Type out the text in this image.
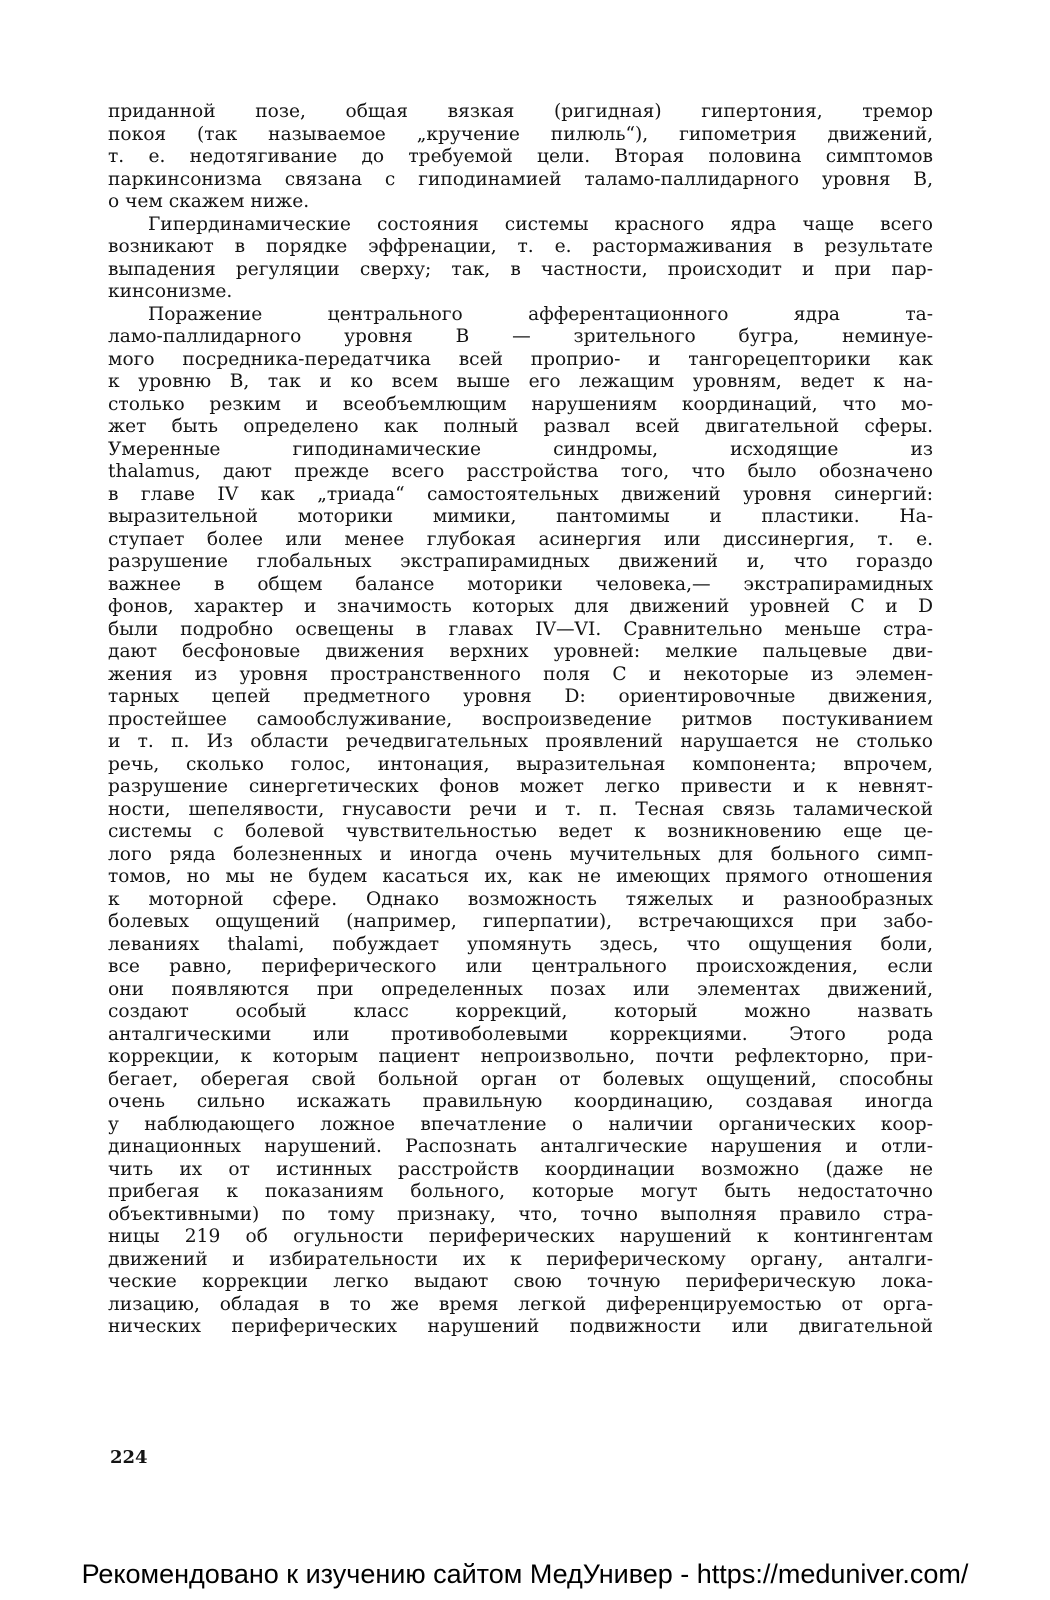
приданной позе, общая вязкая (ригидная) гипертония, тремор
покоя (так называемое „кручение пилюль“), гипометрия движений,
т. е. недотягивание до требуемой цели. Вторая половина симптомов
паркинсонизма связана с гиподинамией таламо-паллидарного уровня B,
о чем скажем ниже.
Гипердинамические состояния системы красного ядра чаще всего
возникают в порядке эффренации, т. е. растормаживания в результате
выпадения регуляции сверху; так, в частности, происходит и при пар-
кинсонизме.
Поражение центрального афферентационного ядра та-
ламо-паллидарного уровня B — зрительного бугра, неминуе-
мого посредника-передатчика всей проприо- и тангорецепторики как
к уровню B, так и ко всем выше его лежащим уровням, ведет к на-
столько резким и всеобъемлющим нарушениям координаций, что мо-
жет быть определено как полный развал всей двигательной сферы.
Умеренные гиподинамические синдромы, исходящие из
thalamus, дают прежде всего расстройства того, что было обозначено
в главе IV как „триада“ самостоятельных движений уровня синергий:
выразительной моторики мимики, пантомимы и пластики. На-
ступает более или менее глубокая асинергия или диссинергия, т. е.
разрушение глобальных экстрапирамидных движений и, что гораздо
важнее в общем балансе моторики человека,— экстрапирамидных
фонов, характер и значимость которых для движений уровней C и D
были подробно освещены в главах IV—VI. Сравнительно меньше стра-
дают бесфоновые движения верхних уровней: мелкие пальцевые дви-
жения из уровня пространственного поля C и некоторые из элемен-
тарных цепей предметного уровня D: ориентировочные движения,
простейшее самообслуживание, воспроизведение ритмов постукиванием
и т. п. Из области речедвигательных проявлений нарушается не столько
речь, сколько голос, интонация, выразительная компонента; впрочем,
разрушение синергетических фонов может легко привести и к невнят-
ности, шепелявости, гнусавости речи и т. п. Тесная связь таламической
системы с болевой чувствительностью ведет к возникновению еще це-
лого ряда болезненных и иногда очень мучительных для больного симп-
томов, но мы не будем касаться их, как не имеющих прямого отношения
к моторной сфере. Однако возможность тяжелых и разнообразных
болевых ощущений (например, гиперпатии), встречающихся при забо-
леваниях thalami, побуждает упомянуть здесь, что ощущения боли,
все равно, периферического или центрального происхождения, если
они появляются при определенных позах или элементах движений,
создают особый класс коррекций, который можно назвать
анталгическими или противоболевыми коррекциями. Этого рода
коррекции, к которым пациент непроизвольно, почти рефлекторно, при-
бегает, оберегая свой больной орган от болевых ощущений, способны
очень сильно искажать правильную координацию, создавая иногда
у наблюдающего ложное впечатление о наличии органических коор-
динационных нарушений. Распознать анталгические нарушения и отли-
чить их от истинных расстройств координации возможно (даже не
прибегая к показаниям больного, которые могут быть недостаточно
объективными) по тому признаку, что, точно выполняя правило стра-
ницы 219 об огульности периферических нарушений к контингентам
движений и избирательности их к периферическому органу, анталги-
ческие коррекции легко выдают свою точную периферическую лока-
лизацию, обладая в то же время легкой диференцируемостью от орга-
нических периферических нарушений подвижности или двигательной
224
Рекомендовано к изучению сайтом МедУнивер - https://meduniver.com/
